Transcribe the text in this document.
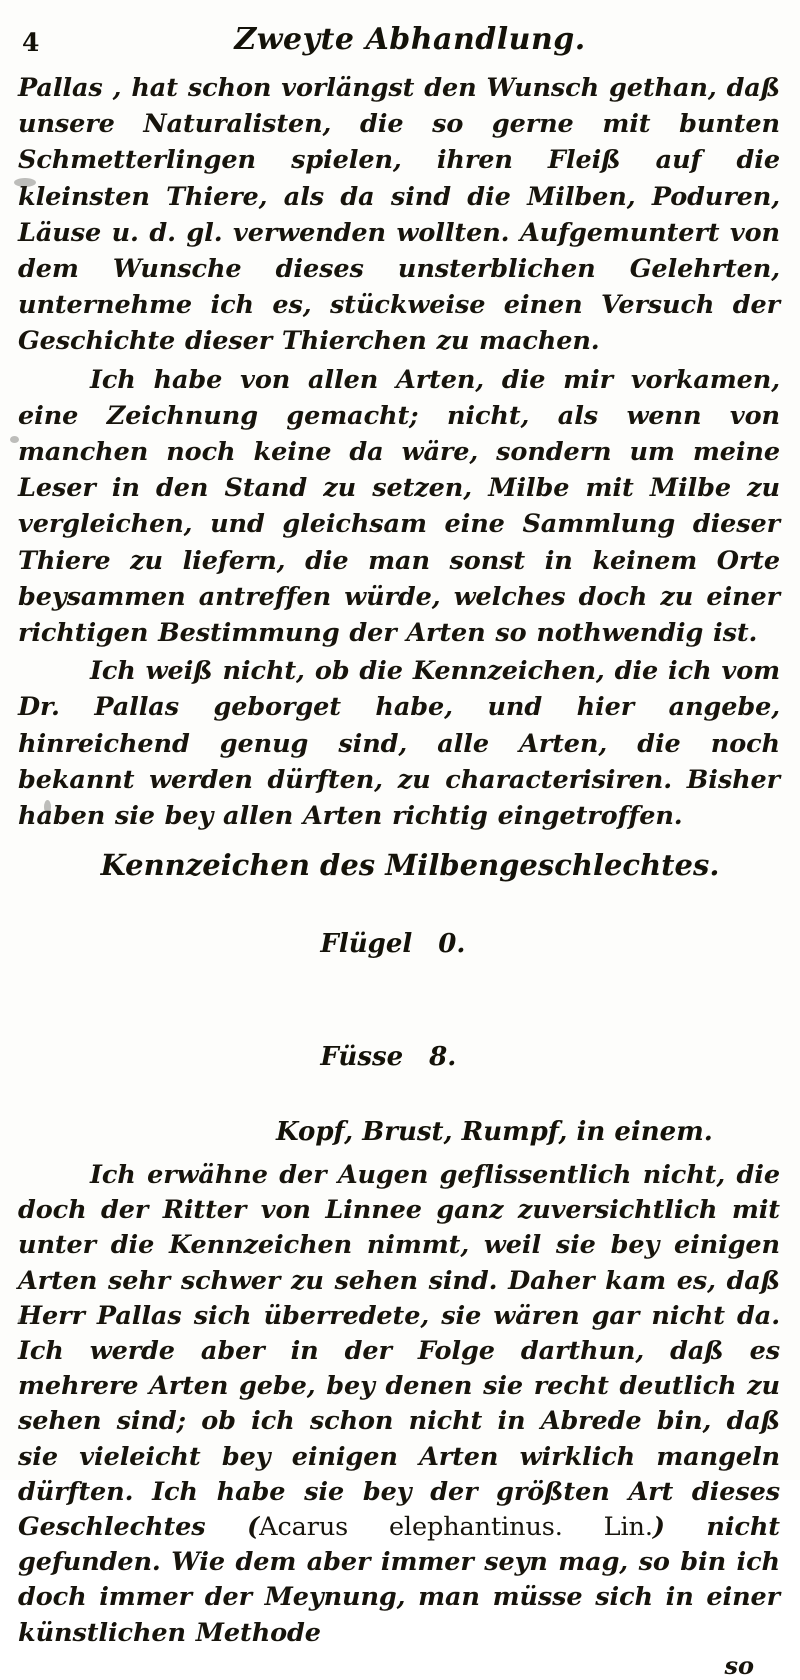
4	Zweyte Abhandlung.

Pallas , hat schon vorlängst den Wunsch gethan, daß unsere Naturalisten, die so gerne mit bunten Schmetterlingen spielen, ihren Fleiß auf die kleinsten Thiere, als da sind die Milben, Poduren, Läuse u. d. gl. verwenden wollten. Aufgemuntert von dem Wunsche dieses unsterblichen Gelehrten, unternehme ich es, stückweise einen Versuch der Geschichte dieser Thierchen zu machen.

Ich habe von allen Arten, die mir vorkamen, eine Zeichnung gemacht; nicht, als wenn von manchen noch keine da wäre, sondern um meine Leser in den Stand zu setzen, Milbe mit Milbe zu vergleichen, und gleichsam eine Sammlung dieser Thiere zu liefern, die man sonst in keinem Orte beysammen antreffen würde, welches doch zu einer richtigen Bestimmung der Arten so nothwendig ist.

Ich weiß nicht, ob die Kennzeichen, die ich vom Dr. Pallas geborget habe, und hier angebe, hinreichend genug sind, alle Arten, die noch bekannt werden dürften, zu characterisiren. Bisher haben sie bey allen Arten richtig eingetroffen.

Kennzeichen des Milbengeschlechtes.

Flügel 0.

Füsse 8.

Kopf, Brust, Rumpf, in einem.

Ich erwähne der Augen geflissentlich nicht, die doch der Ritter von Linnee ganz zuversichtlich mit unter die Kennzeichen nimmt, weil sie bey einigen Arten sehr schwer zu sehen sind. Daher kam es, daß Herr Pallas sich überredete, sie wären gar nicht da. Ich werde aber in der Folge darthun, daß es mehrere Arten gebe, bey denen sie recht deutlich zu sehen sind; ob ich schon nicht in Abrede bin, daß sie vieleicht bey einigen Arten wirklich mangeln dürften. Ich habe sie bey der größten Art dieses Geschlechtes (Acarus elephantinus. Lin.) nicht gefunden. Wie dem aber immer seyn mag, so bin ich doch immer der Meynung, man müsse sich in einer künstlichen Methode

so
